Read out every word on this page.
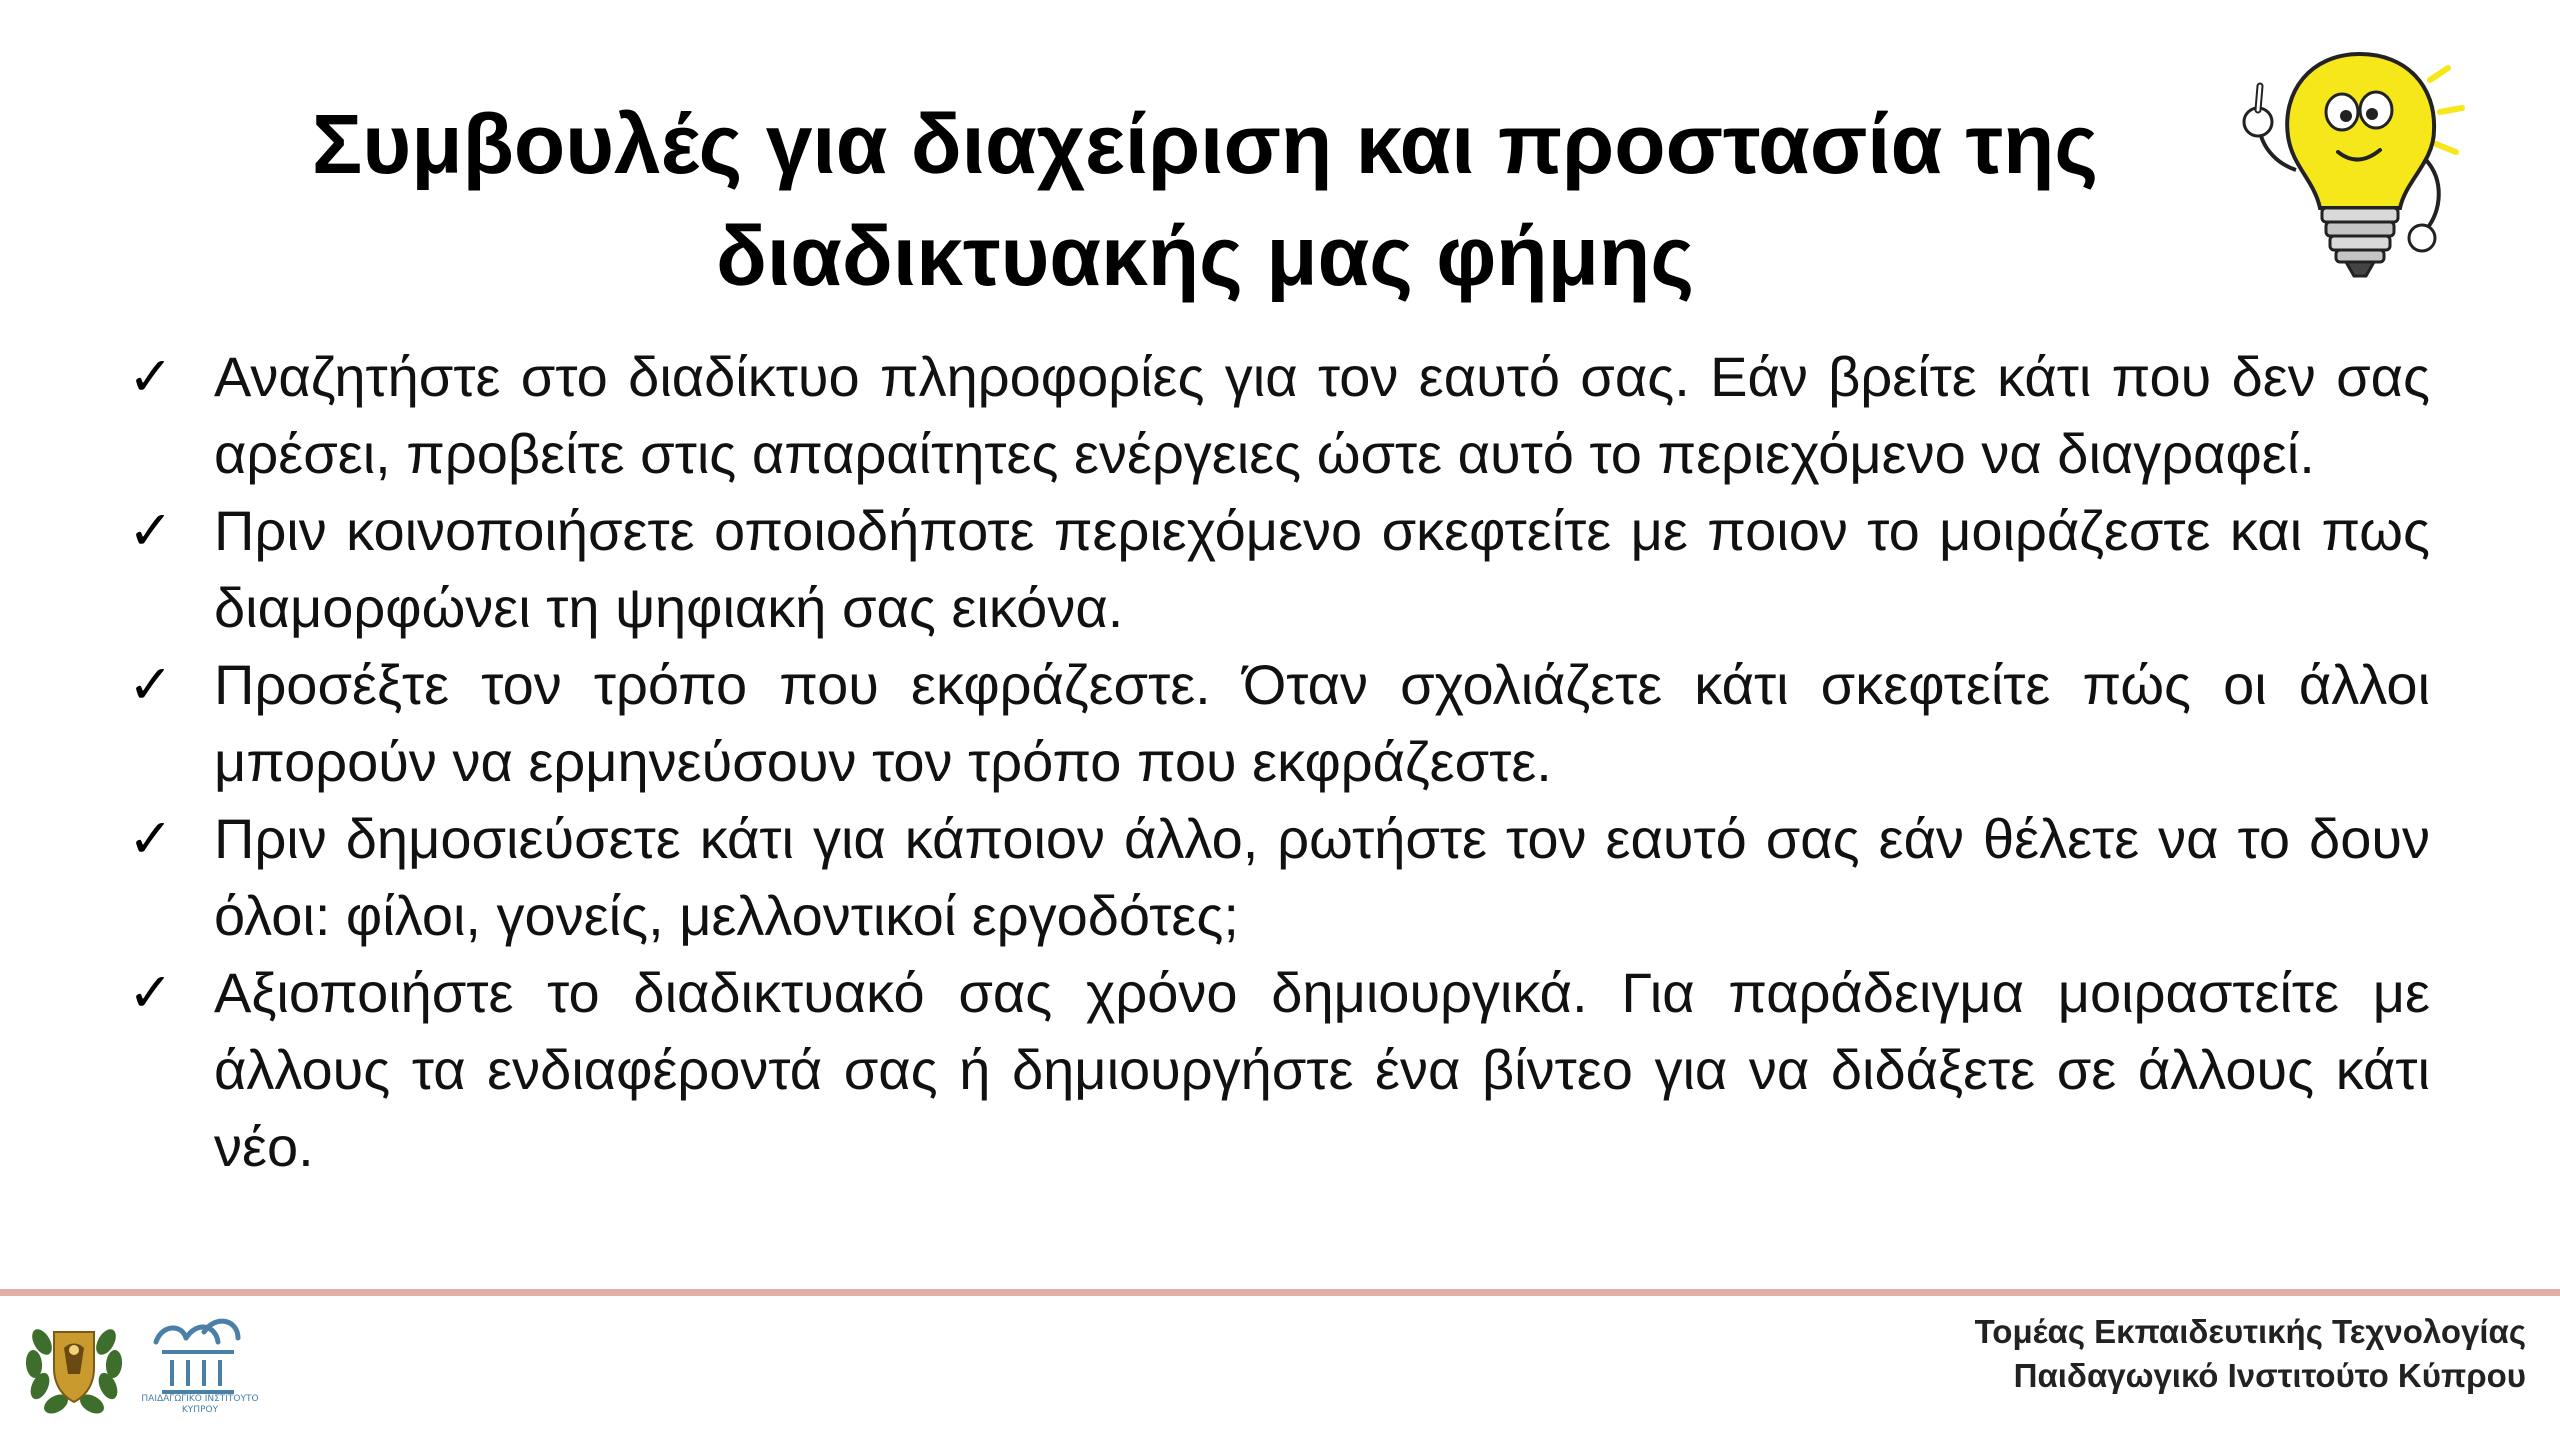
Συμβουλές για διαχείριση και προστασία της
διαδικτυακής μας φήμης
✓ Αναζητήστε στο διαδίκτυο πληροφορίες για τον εαυτό σας. Εάν βρείτε κάτι που δεν σας αρέσει, προβείτε στις απαραίτητες ενέργειες ώστε αυτό το περιεχόμενο να διαγραφεί.
✓ Πριν κοινοποιήσετε οποιοδήποτε περιεχόμενο σκεφτείτε με ποιον το μοιράζεστε και πως διαμορφώνει τη ψηφιακή σας εικόνα.
✓ Προσέξτε τον τρόπο που εκφράζεστε. Όταν σχολιάζετε κάτι σκεφτείτε πώς οι άλλοι μπορούν να ερμηνεύσουν τον τρόπο που εκφράζεστε.
✓ Πριν δημοσιεύσετε κάτι για κάποιον άλλο, ρωτήστε τον εαυτό σας εάν θέλετε να το δουν όλοι: φίλοι, γονείς, μελλοντικοί εργοδότες;
✓ Αξιοποιήστε το διαδικτυακό σας χρόνο δημιουργικά. Για παράδειγμα μοιραστείτε με άλλους τα ενδιαφέροντά σας ή δημιουργήστε ένα βίντεο για να διδάξετε σε άλλους κάτι νέο.
ΠΑΙΔΑΓΩΓΙΚΟ ΙΝΣΤΙΤΟΥΤΟ ΚΥΠΡΟΥ
Τομέας Εκπαιδευτικής Τεχνολογίας
Παιδαγωγικό Ινστιτούτο Κύπρου
